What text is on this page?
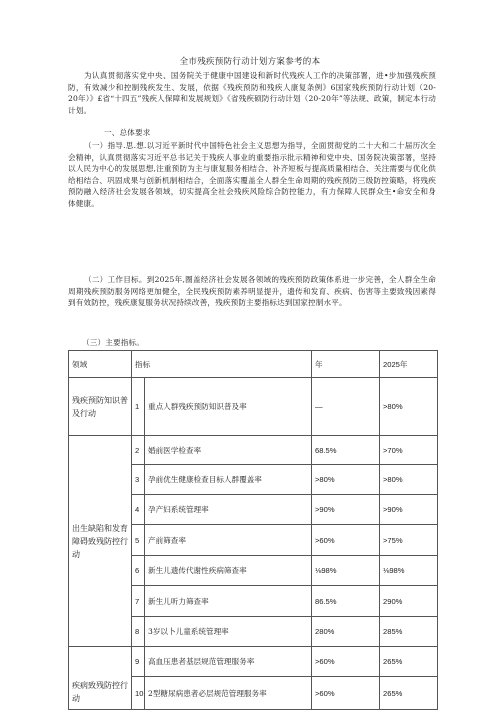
全市残疾预防行动计划方案参考的本

为认真贯彻落实党中央、国务院关于健康中国建设和新时代残疾人工作的决策部署，进•步加强残疾预防，有效减少和控制残疾发生、发展，依据《残疾预防和残疾人康复条例》6国家残疾预防行动计划（20-20年）》£省“十四五”残疾人保障和发展规划》《省残疾硕防行动计划（20-20年”等法规、政策，制定本行动计划。

一、总体要求

（一）指导.思.想.以习近平新时代中国特色社会主义思想为指导，全面贯彻党的二十大和二十届历次全会精神，认真贯彻落实习近平总书记关于残疾人事业的重要指示批示精神和党中央、国务院决策部署，坚持以人民为中心的发展思想,注重预防为主与康复服务相结合、补齐短板与提高质量相结合、关注需要与优化供给相结合、巩固成果与创新机制相结合，全面落实覆盖全人群全生命周期的残疾预防三级防控策略，将残疾预防融入经济社会发展各领域，切实提高全社会残疾风险综合防控能力，有力保障人民群众生•命安全和身体健康。

（二）工作目标。到2025年,圈盖经济社会发展各领域的残疾预防政策体系进一步完善，全人群全生命周期残疾预防服务网络更加健全，全民残疾预防素养明显提升，遗传和发育、疾病、伤害等主要致残因素得到有效防控，残疾康复服务状况持续改善，残疾预防主要指标达到国家控制水平。

（三）主要指标。

领域	指标		年	2025年
残疾预防知识普及行动	1	重点人群残疾预防知识普及率	—	>80%
出生缺陷和发育障碍致残防控行动	2	婚前医学检查率	68.5%	>70%
	3	孕前优生健康检查目标人群覆盖率	>80%	>80%
	4	孕产妇系统管理率	>90%	>90%
	5	产前筛查率	>60%	>75%
	6	新生儿遗传代谢性疾病筛查率	⅛98%	⅛98%
	7	新生儿听力筛查率	86.5%	290%
	8	3岁以卜儿童系统管理率	280%	285%
疾病致残防控行动	9	高血压患者基层规范管理服务率	>60%	265%
	10	2型糖尿病患者必层规范管理服务率	>60%	265%
